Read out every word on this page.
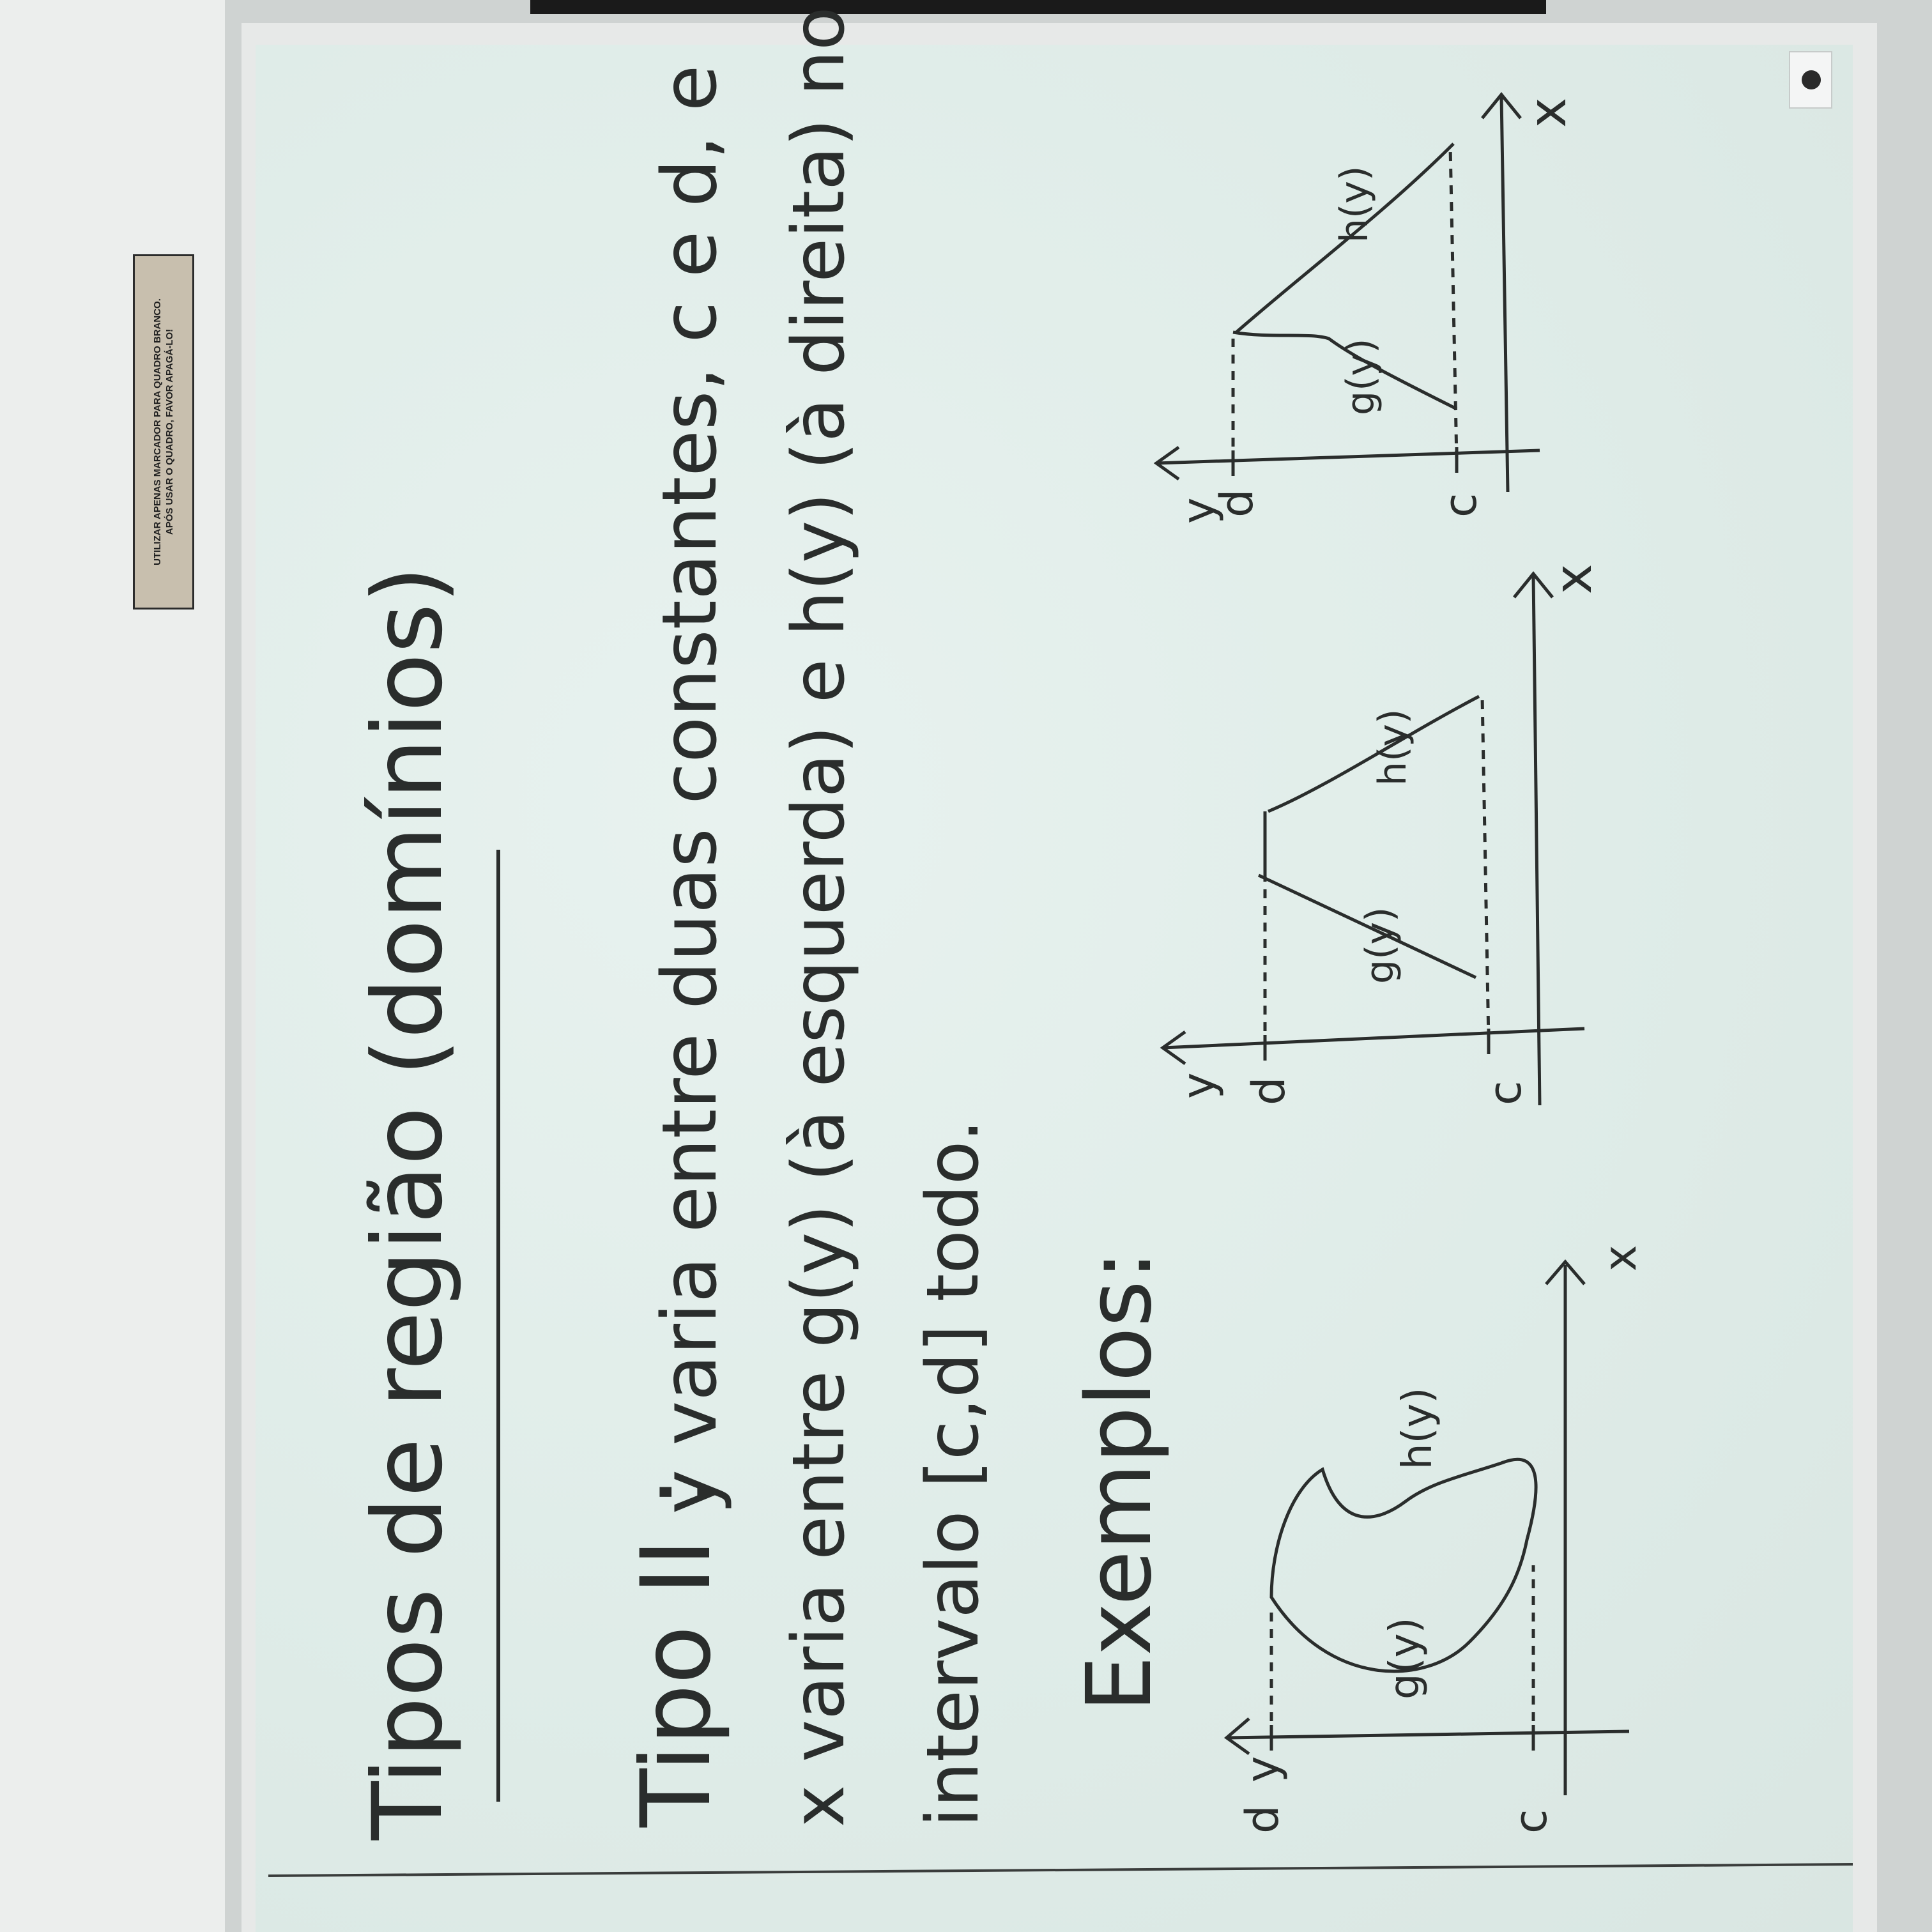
UTILIZAR APENAS MARCADOR PARA QUADRO BRANCO. APÓS USAR O QUADRO, FAVOR APAGÁ-LO!
Tipos de região (domínios) Tipo II :
y varia entre duas constantes, c e d, e x varia entre g(y) (à esquerda) e h(y) (à direita) no intervalo [c,d] todo. Exemplos:
y
d	c
x
g(y)
h(y)
y d	c
x
g(y)
h(y)
y
d	c
x
g(y)
h(y)
